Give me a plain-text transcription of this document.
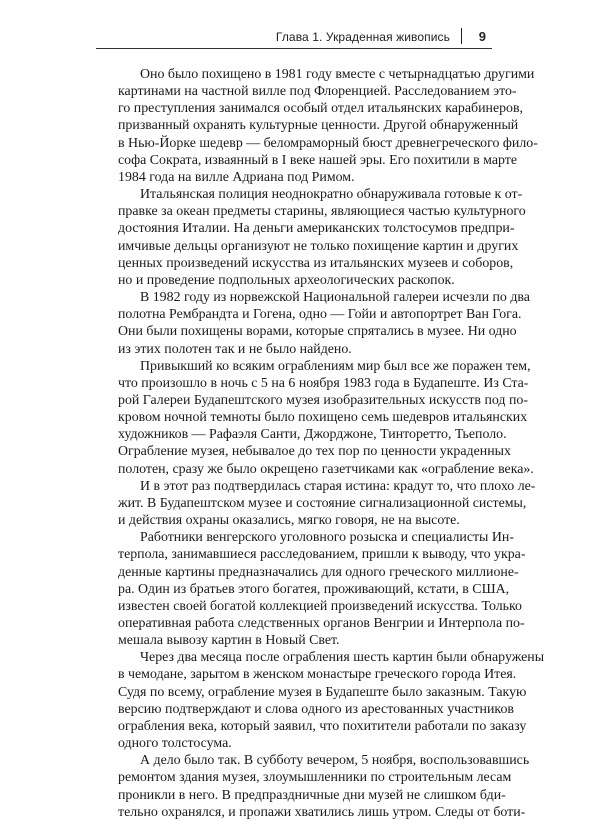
Глава 1. Украденная живопись 9
Оно было похищено в 1981 году вместе с четырнадцатью другими
картинами на частной вилле под Флоренцией. Расследованием это-
го преступления занимался особый отдел итальянских карабинеров,
призванный охранять культурные ценности. Другой обнаруженный
в Нью-Йорке шедевр — беломраморный бюст древнегреческого фило-
софа Сократа, изваянный в I веке нашей эры. Его похитили в марте
1984 года на вилле Адриана под Римом.
Итальянская полиция неоднократно обнаруживала готовые к от-
правке за океан предметы старины, являющиеся частью культурного
достояния Италии. На деньги американских толстосумов предпри-
имчивые дельцы организуют не только похищение картин и других
ценных произведений искусства из итальянских музеев и соборов,
но и проведение подпольных археологических раскопок.
В 1982 году из норвежской Национальной галереи исчезли по два
полотна Рембрандта и Гогена, одно — Гойи и автопортрет Ван Гога.
Они были похищены ворами, которые спрятались в музее. Ни одно
из этих полотен так и не было найдено.
Привыкший ко всяким ограблениям мир был все же поражен тем,
что произошло в ночь с 5 на 6 ноября 1983 года в Будапеште. Из Ста-
рой Галереи Будапештского музея изобразительных искусств под по-
кровом ночной темноты было похищено семь шедевров итальянских
художников — Рафаэля Санти, Джорджоне, Тинторетто, Тьеполо.
Ограбление музея, небывалое до тех пор по ценности украденных
полотен, сразу же было окрещено газетчиками как «ограбление века».
И в этот раз подтвердилась старая истина: крадут то, что плохо ле-
жит. В Будапештском музее и состояние сигнализационной системы,
и действия охраны оказались, мягко говоря, не на высоте.
Работники венгерского уголовного розыска и специалисты Ин-
терпола, занимавшиеся расследованием, пришли к выводу, что укра-
денные картины предназначались для одного греческого миллионе-
ра. Один из братьев этого богатея, проживающий, кстати, в США,
известен своей богатой коллекцией произведений искусства. Только
оперативная работа следственных органов Венгрии и Интерпола по-
мешала вывозу картин в Новый Свет.
Через два месяца после ограбления шесть картин были обнаружены
в чемодане, зарытом в женском монастыре греческого города Итея.
Судя по всему, ограбление музея в Будапеште было заказным. Такую
версию подтверждают и слова одного из арестованных участников
ограбления века, который заявил, что похитители работали по заказу
одного толстосума.
А дело было так. В субботу вечером, 5 ноября, воспользовавшись
ремонтом здания музея, злоумышленники по строительным лесам
проникли в него. В предпраздничные дни музей не слишком бди-
тельно охранялся, и пропажи хватились лишь утром. Следы от боти-
